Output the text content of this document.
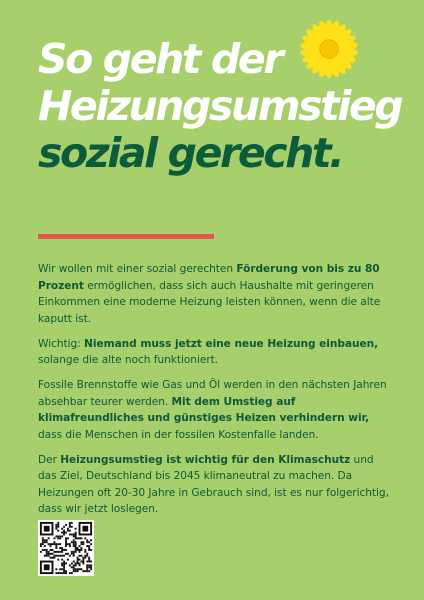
So geht der
Heizungsumstieg
sozial gerecht.

Wir wollen mit einer sozial gerechten Förderung von bis zu 80 Prozent ermöglichen, dass sich auch Haushalte mit geringeren Einkommen eine moderne Heizung leisten können, wenn die alte kaputt ist.

Wichtig: Niemand muss jetzt eine neue Heizung einbauen, solange die alte noch funktioniert.

Fossile Brennstoffe wie Gas und Öl werden in den nächsten Jahren absehbar teurer werden. Mit dem Umstieg auf klimafreundliches und günstiges Heizen verhindern wir, dass die Menschen in der fossilen Kostenfalle landen.

Der Heizungsumstieg ist wichtig für den Klimaschutz und das Ziel, Deutschland bis 2045 klimaneutral zu machen. Da Heizungen oft 20-30 Jahre in Gebrauch sind, ist es nur folgerichtig, dass wir jetzt loslegen.
